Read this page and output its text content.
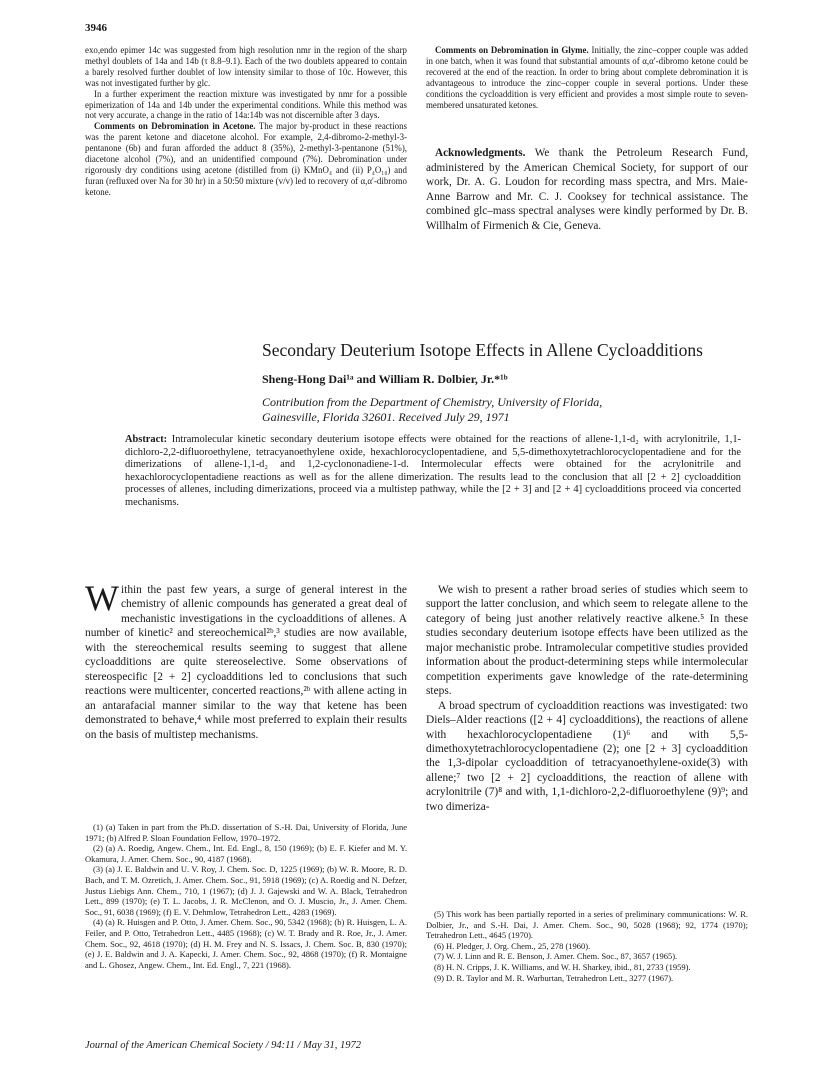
3946

exo,endo epimer 14c was suggested from high resolution nmr in the region of the sharp methyl doublets of 14a and 14b (τ 8.8–9.1). Each of the two doublets appeared to contain a barely resolved further doublet of low intensity similar to those of 10c. However, this was not investigated further by glc.

In a further experiment the reaction mixture was investigated by nmr for a possible epimerization of 14a and 14b under the experimental conditions. While this method was not very accurate, a change in the ratio of 14a:14b was not discernible after 3 days.

Comments on Debromination in Acetone. The major by-product in these reactions was the parent ketone and diacetone alcohol. For example, 2,4-dibromo-2-methyl-3-pentanone (6b) and furan afforded the adduct 8 (35%), 2-methyl-3-pentanone (51%), diacetone alcohol (7%), and an unidentified compound (7%). Debromination under rigorously dry conditions using acetone (distilled from (i) KMnO₄ and (ii) P₄O₁₀) and furan (refluxed over Na for 30 hr) in a 50:50 mixture (v/v) led to recovery of α,α′-dibromo ketone.

Comments on Debromination in Glyme. Initially, the zinc–copper couple was added in one batch, when it was found that substantial amounts of α,α′-dibromo ketone could be recovered at the end of the reaction. In order to bring about complete debromination it is advantageous to introduce the zinc–copper couple in several portions. Under these conditions the cycloaddition is very efficient and provides a most simple route to seven-membered unsaturated ketones.

Acknowledgments. We thank the Petroleum Research Fund, administered by the American Chemical Society, for support of our work, Dr. A. G. Loudon for recording mass spectra, and Mrs. Maie-Anne Barrow and Mr. C. J. Cooksey for technical assistance. The combined glc–mass spectral analyses were kindly performed by Dr. B. Willhalm of Firmenich & Cie, Geneva.

Secondary Deuterium Isotope Effects in Allene Cycloadditions
Sheng-Hong Dai¹ᵃ and William R. Dolbier, Jr.*¹ᵇ
Contribution from the Department of Chemistry, University of Florida,
Gainesville, Florida 32601. Received July 29, 1971
Abstract: Intramolecular kinetic secondary deuterium isotope effects were obtained for the reactions of allene-1,1-d₂ with acrylonitrile, 1,1-dichloro-2,2-difluoroethylene, tetracyanoethylene oxide, hexachlorocyclopentadiene, and 5,5-dimethoxytetrachlorocyclopentadiene and for the dimerizations of allene-1,1-d₂ and 1,2-cyclononadiene-1-d. Intermolecular effects were obtained for the acrylonitrile and hexachlorocyclopentadiene reactions as well as for the allene dimerization. The results lead to the conclusion that all [2 + 2] cycloaddition processes of allenes, including dimerizations, proceed via a multistep pathway, while the [2 + 3] and [2 + 4] cycloadditions proceed via concerted mechanisms.

Within the past few years, a surge of general interest in the chemistry of allenic compounds has generated a great deal of mechanistic investigations in the cycloadditions of allenes. A number of kinetic² and stereochemical²ᵇ,³ studies are now available, with the stereochemical results seeming to suggest that allene cycloadditions are quite stereoselective. Some observations of stereospecific [2 + 2] cycloadditions led to conclusions that such reactions were multicenter, concerted reactions,²ᵇ with allene acting in an antarafacial manner similar to the way that ketene has been demonstrated to behave,⁴ while most preferred to explain their results on the basis of multistep mechanisms.

We wish to present a rather broad series of studies which seem to support the latter conclusion, and which seem to relegate allene to the category of being just another relatively reactive alkene.⁵ In these studies secondary deuterium isotope effects have been utilized as the major mechanistic probe. Intramolecular competitive studies provided information about the product-determining steps while intermolecular competition experiments gave knowledge of the rate-determining steps.

A broad spectrum of cycloaddition reactions was investigated: two Diels–Alder reactions ([2 + 4] cycloadditions), the reactions of allene with hexachlorocyclopentadiene (1)⁶ and with 5,5-dimethoxytetrachlorocyclopentadiene (2); one [2 + 3] cycloaddition the 1,3-dipolar cycloaddition of tetracyanoethylene-oxide(3) with allene;⁷ two [2 + 2] cycloadditions, the reaction of allene with acrylonitrile (7)⁸ and with, 1,1-dichloro-2,2-difluoroethylene (9)⁹; and two dimeriza-

(1) (a) Taken in part from the Ph.D. dissertation of S.-H. Dai, University of Florida, June 1971; (b) Alfred P. Sloan Foundation Fellow, 1970–1972.

(2) (a) A. Roedig, Angew. Chem., Int. Ed. Engl., 8, 150 (1969); (b) E. F. Kiefer and M. Y. Okamura, J. Amer. Chem. Soc., 90, 4187 (1968).

(3) (a) J. E. Baldwin and U. V. Roy, J. Chem. Soc. D, 1225 (1969); (b) W. R. Moore, R. D. Bach, and T. M. Ozretich, J. Amer. Chem. Soc., 91, 5918 (1969); (c) A. Roedig and N. Defzer, Justus Liebigs Ann. Chem., 710, 1 (1967); (d) J. J. Gajewski and W. A. Black, Tetrahedron Lett., 899 (1970); (e) T. L. Jacobs, J. R. McClenon, and O. J. Muscio, Jr., J. Amer. Chem. Soc., 91, 6038 (1969); (f) E. V. Dehmlow, Tetrahedron Lett., 4283 (1969).

(4) (a) R. Huisgen and P. Otto, J. Amer. Chem. Soc., 90, 5342 (1968); (b) R. Huisgen, L. A. Feiler, and P. Otto, Tetrahedron Lett., 4485 (1968); (c) W. T. Brady and R. Roe, Jr., J. Amer. Chem. Soc., 92, 4618 (1970); (d) H. M. Frey and N. S. Issacs, J. Chem. Soc. B, 830 (1970); (e) J. E. Baldwin and J. A. Kapecki, J. Amer. Chem. Soc., 92, 4868 (1970); (f) R. Montaigne and L. Ghosez, Angew. Chem., Int. Ed. Engl., 7, 221 (1968).

(5) This work has been partially reported in a series of preliminary communications: W. R. Dolbier, Jr., and S.-H. Dai, J. Amer. Chem. Soc., 90, 5028 (1968); 92, 1774 (1970); Tetrahedron Lett., 4645 (1970).

(6) H. Pledger, J. Org. Chem., 25, 278 (1960).

(7) W. J. Linn and R. E. Benson, J. Amer. Chem. Soc., 87, 3657 (1965).

(8) H. N. Cripps, J. K. Williams, and W. H. Sharkey, ibid., 81, 2733 (1959).

(9) D. R. Taylor and M. R. Warburtan, Tetrahedron Lett., 3277 (1967).

Journal of the American Chemical Society / 94:11 / May 31, 1972
